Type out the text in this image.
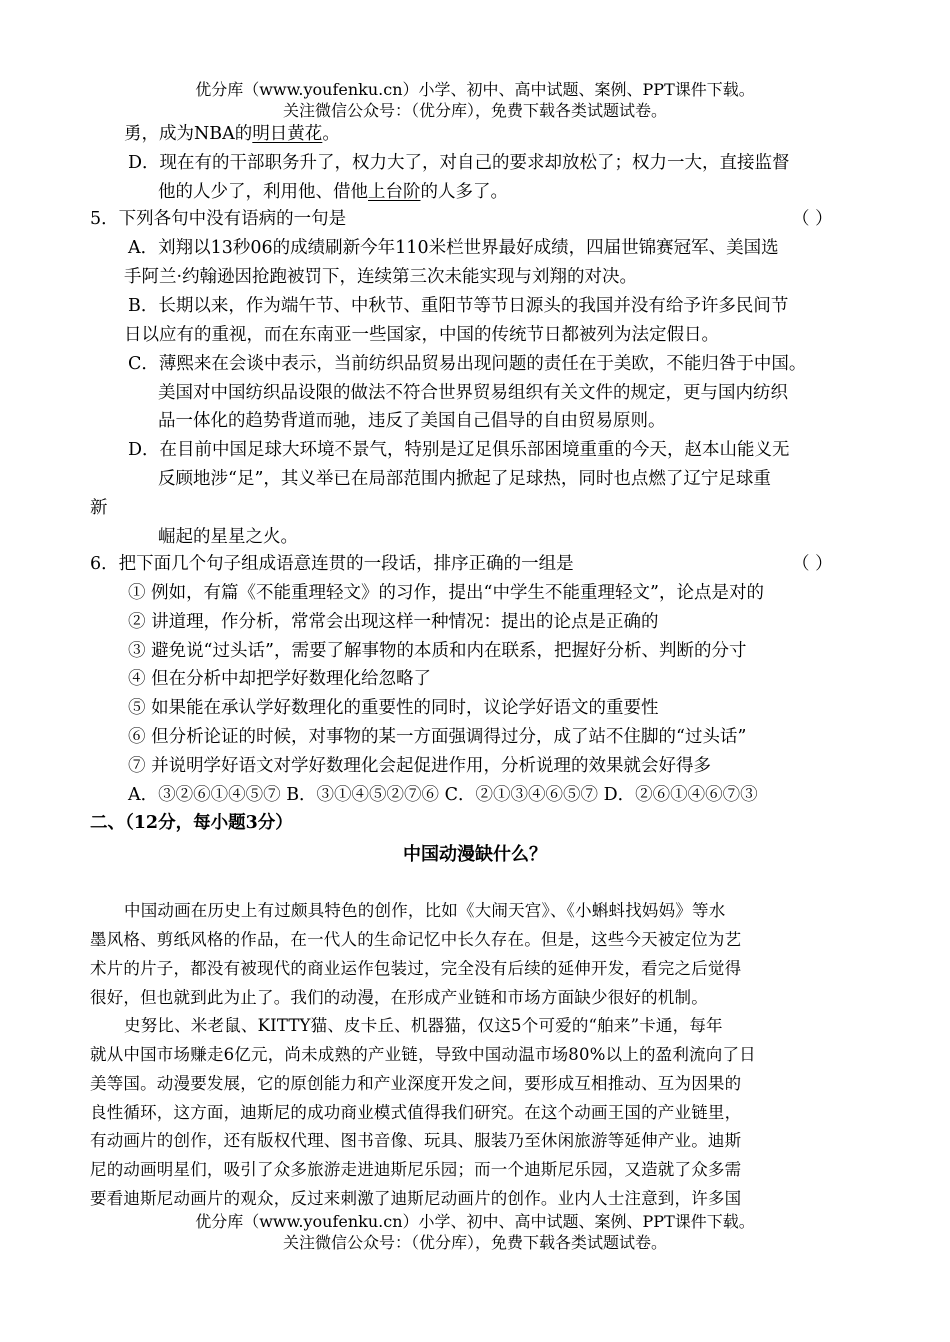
优分库（www.youfenku.cn）小学、初中、高中试题、案例、PPT课件下载。
关注微信公众号：（优分库），免费下载各类试题试卷。
勇，成为NBA的明日黄花。
D．现在有的干部职务升了，权力大了，对自己的要求却放松了；权力一大，直接监督
他的人少了，利用他、借他上台阶的人多了。
5．下列各句中没有语病的一句是	（ ）
A．刘翔以13秒06的成绩刷新今年110米栏世界最好成绩，四届世锦赛冠军、美国选
手阿兰·约翰逊因抢跑被罚下，连续第三次未能实现与刘翔的对决。
B．长期以来，作为端午节、中秋节、重阳节等节日源头的我国并没有给予许多民间节
日以应有的重视，而在东南亚一些国家，中国的传统节日都被列为法定假日。
C．薄熙来在会谈中表示，当前纺织品贸易出现问题的责任在于美欧，不能归咎于中国。
美国对中国纺织品设限的做法不符合世界贸易组织有关文件的规定，更与国内纺织
品一体化的趋势背道而驰，违反了美国自己倡导的自由贸易原则。
D．在目前中国足球大环境不景气，特别是辽足俱乐部困境重重的今天，赵本山能义无
反顾地涉“足”，其义举已在局部范围内掀起了足球热，同时也点燃了辽宁足球重
新
崛起的星星之火。
6．把下面几个句子组成语意连贯的一段话，排序正确的一组是	（ ）
① 例如，有篇《不能重理轻文》的习作，提出“中学生不能重理轻文”，论点是对的
② 讲道理，作分析，常常会出现这样一种情况：提出的论点是正确的
③ 避免说“过头话”，需要了解事物的本质和内在联系，把握好分析、判断的分寸
④ 但在分析中却把学好数理化给忽略了
⑤ 如果能在承认学好数理化的重要性的同时，议论学好语文的重要性
⑥ 但分析论证的时候，对事物的某一方面强调得过分，成了站不住脚的“过头话”
⑦ 并说明学好语文对学好数理化会起促进作用，分析说理的效果就会好得多
A．③②⑥①④⑤⑦ B．③①④⑤②⑦⑥ C．②①③④⑥⑤⑦ D．②⑥①④⑥⑦③
二、（12分，每小题3分）
中国动漫缺什么？
中国动画在历史上有过颇具特色的创作，比如《大闹天宫》、《小蝌蚪找妈妈》等水
墨风格、剪纸风格的作品，在一代人的生命记忆中长久存在。但是，这些今天被定位为艺
术片的片子，都没有被现代的商业运作包装过，完全没有后续的延伸开发，看完之后觉得
很好，但也就到此为止了。我们的动漫，在形成产业链和市场方面缺少很好的机制。
史努比、米老鼠、KITTY猫、皮卡丘、机器猫，仅这5个可爱的“舶来”卡通，每年
就从中国市场赚走6亿元，尚未成熟的产业链，导致中国动温市场80%以上的盈利流向了日
美等国。动漫要发展，它的原创能力和产业深度开发之间，要形成互相推动、互为因果的
良性循环，这方面，迪斯尼的成功商业模式值得我们研究。在这个动画王国的产业链里，
有动画片的创作，还有版权代理、图书音像、玩具、服装乃至休闲旅游等延伸产业。迪斯
尼的动画明星们，吸引了众多旅游走进迪斯尼乐园；而一个迪斯尼乐园，又造就了众多需
要看迪斯尼动画片的观众，反过来刺激了迪斯尼动画片的创作。业内人士注意到，许多国
优分库（www.youfenku.cn）小学、初中、高中试题、案例、PPT课件下载。
关注微信公众号：（优分库），免费下载各类试题试卷。
